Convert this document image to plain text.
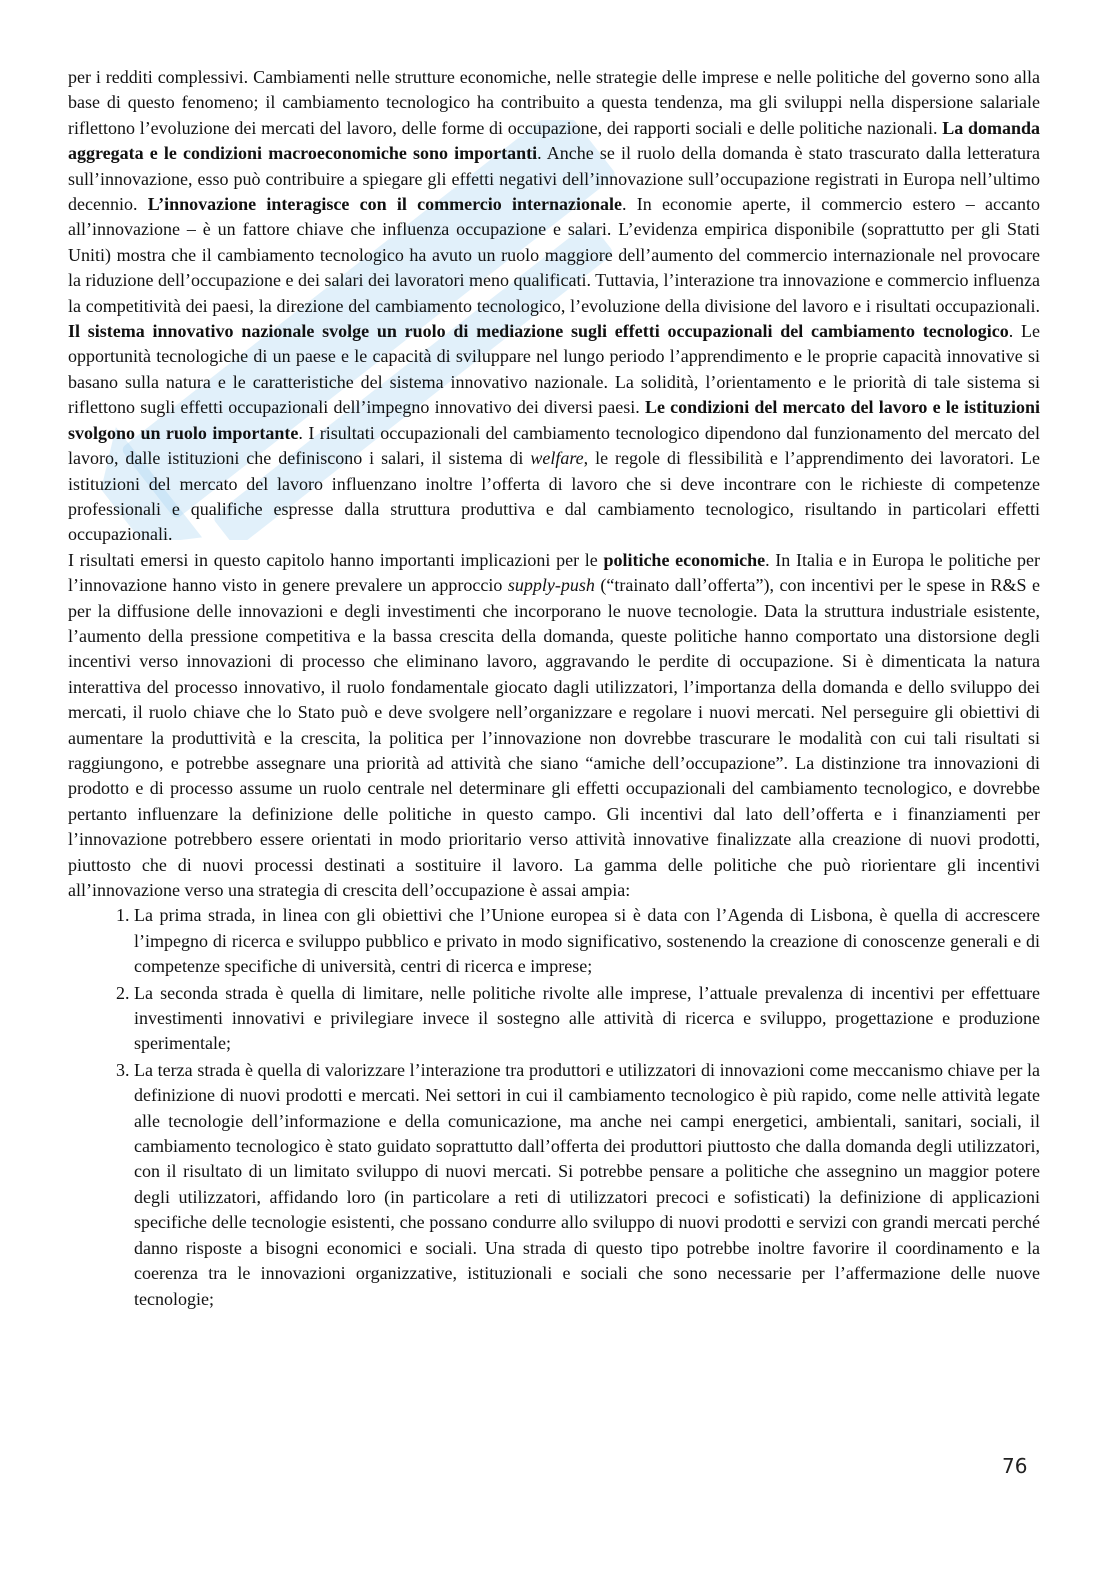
per i redditi complessivi. Cambiamenti nelle strutture economiche, nelle strategie delle imprese e nelle politiche del governo sono alla base di questo fenomeno; il cambiamento tecnologico ha contribuito a questa tendenza, ma gli sviluppi nella dispersione salariale riflettono l’evoluzione dei mercati del lavoro, delle forme di occupazione, dei rapporti sociali e delle politiche nazionali. La domanda aggregata e le condizioni macroeconomiche sono importanti. Anche se il ruolo della domanda è stato trascurato dalla letteratura sull’innovazione, esso può contribuire a spiegare gli effetti negativi dell’innovazione sull’occupazione registrati in Europa nell’ultimo decennio. L’innovazione interagisce con il commercio internazionale. In economie aperte, il commercio estero – accanto all’innovazione – è un fattore chiave che influenza occupazione e salari. L’evidenza empirica disponibile (soprattutto per gli Stati Uniti) mostra che il cambiamento tecnologico ha avuto un ruolo maggiore dell’aumento del commercio internazionale nel provocare la riduzione dell’occupazione e dei salari dei lavoratori meno qualificati. Tuttavia, l’interazione tra innovazione e commercio influenza la competitività dei paesi, la direzione del cambiamento tecnologico, l’evoluzione della divisione del lavoro e i risultati occupazionali. Il sistema innovativo nazionale svolge un ruolo di mediazione sugli effetti occupazionali del cambiamento tecnologico. Le opportunità tecnologiche di un paese e le capacità di sviluppare nel lungo periodo l’apprendimento e le proprie capacità innovative si basano sulla natura e le caratteristiche del sistema innovativo nazionale. La solidità, l’orientamento e le priorità di tale sistema si riflettono sugli effetti occupazionali dell’impegno innovativo dei diversi paesi. Le condizioni del mercato del lavoro e le istituzioni svolgono un ruolo importante. I risultati occupazionali del cambiamento tecnologico dipendono dal funzionamento del mercato del lavoro, dalle istituzioni che definiscono i salari, il sistema di welfare, le regole di flessibilità e l’apprendimento dei lavoratori. Le istituzioni del mercato del lavoro influenzano inoltre l’offerta di lavoro che si deve incontrare con le richieste di competenze professionali e qualifiche espresse dalla struttura produttiva e dal cambiamento tecnologico, risultando in particolari effetti occupazionali.

I risultati emersi in questo capitolo hanno importanti implicazioni per le politiche economiche. In Italia e in Europa le politiche per l’innovazione hanno visto in genere prevalere un approccio supply-push (“trainato dall’offerta”), con incentivi per le spese in R&S e per la diffusione delle innovazioni e degli investimenti che incorporano le nuove tecnologie. Data la struttura industriale esistente, l’aumento della pressione competitiva e la bassa crescita della domanda, queste politiche hanno comportato una distorsione degli incentivi verso innovazioni di processo che eliminano lavoro, aggravando le perdite di occupazione. Si è dimenticata la natura interattiva del processo innovativo, il ruolo fondamentale giocato dagli utilizzatori, l’importanza della domanda e dello sviluppo dei mercati, il ruolo chiave che lo Stato può e deve svolgere nell’organizzare e regolare i nuovi mercati. Nel perseguire gli obiettivi di aumentare la produttività e la crescita, la politica per l’innovazione non dovrebbe trascurare le modalità con cui tali risultati si raggiungono, e potrebbe assegnare una priorità ad attività che siano “amiche dell’occupazione”. La distinzione tra innovazioni di prodotto e di processo assume un ruolo centrale nel determinare gli effetti occupazionali del cambiamento tecnologico, e dovrebbe pertanto influenzare la definizione delle politiche in questo campo. Gli incentivi dal lato dell’offerta e i finanziamenti per l’innovazione potrebbero essere orientati in modo prioritario verso attività innovative finalizzate alla creazione di nuovi prodotti, piuttosto che di nuovi processi destinati a sostituire il lavoro. La gamma delle politiche che può riorientare gli incentivi all’innovazione verso una strategia di crescita dell’occupazione è assai ampia:

1. La prima strada, in linea con gli obiettivi che l’Unione europea si è data con l’Agenda di Lisbona, è quella di accrescere l’impegno di ricerca e sviluppo pubblico e privato in modo significativo, sostenendo la creazione di conoscenze generali e di competenze specifiche di università, centri di ricerca e imprese;
2. La seconda strada è quella di limitare, nelle politiche rivolte alle imprese, l’attuale prevalenza di incentivi per effettuare investimenti innovativi e privilegiare invece il sostegno alle attività di ricerca e sviluppo, progettazione e produzione sperimentale;
3. La terza strada è quella di valorizzare l’interazione tra produttori e utilizzatori di innovazioni come meccanismo chiave per la definizione di nuovi prodotti e mercati. Nei settori in cui il cambiamento tecnologico è più rapido, come nelle attività legate alle tecnologie dell’informazione e della comunicazione, ma anche nei campi energetici, ambientali, sanitari, sociali, il cambiamento tecnologico è stato guidato soprattutto dall’offerta dei produttori piuttosto che dalla domanda degli utilizzatori, con il risultato di un limitato sviluppo di nuovi mercati. Si potrebbe pensare a politiche che assegnino un maggior potere degli utilizzatori, affidando loro (in particolare a reti di utilizzatori precoci e sofisticati) la definizione di applicazioni specifiche delle tecnologie esistenti, che possano condurre allo sviluppo di nuovi prodotti e servizi con grandi mercati perché danno risposte a bisogni economici e sociali. Una strada di questo tipo potrebbe inoltre favorire il coordinamento e la coerenza tra le innovazioni organizzative, istituzionali e sociali che sono necessarie per l’affermazione delle nuove tecnologie;
76
